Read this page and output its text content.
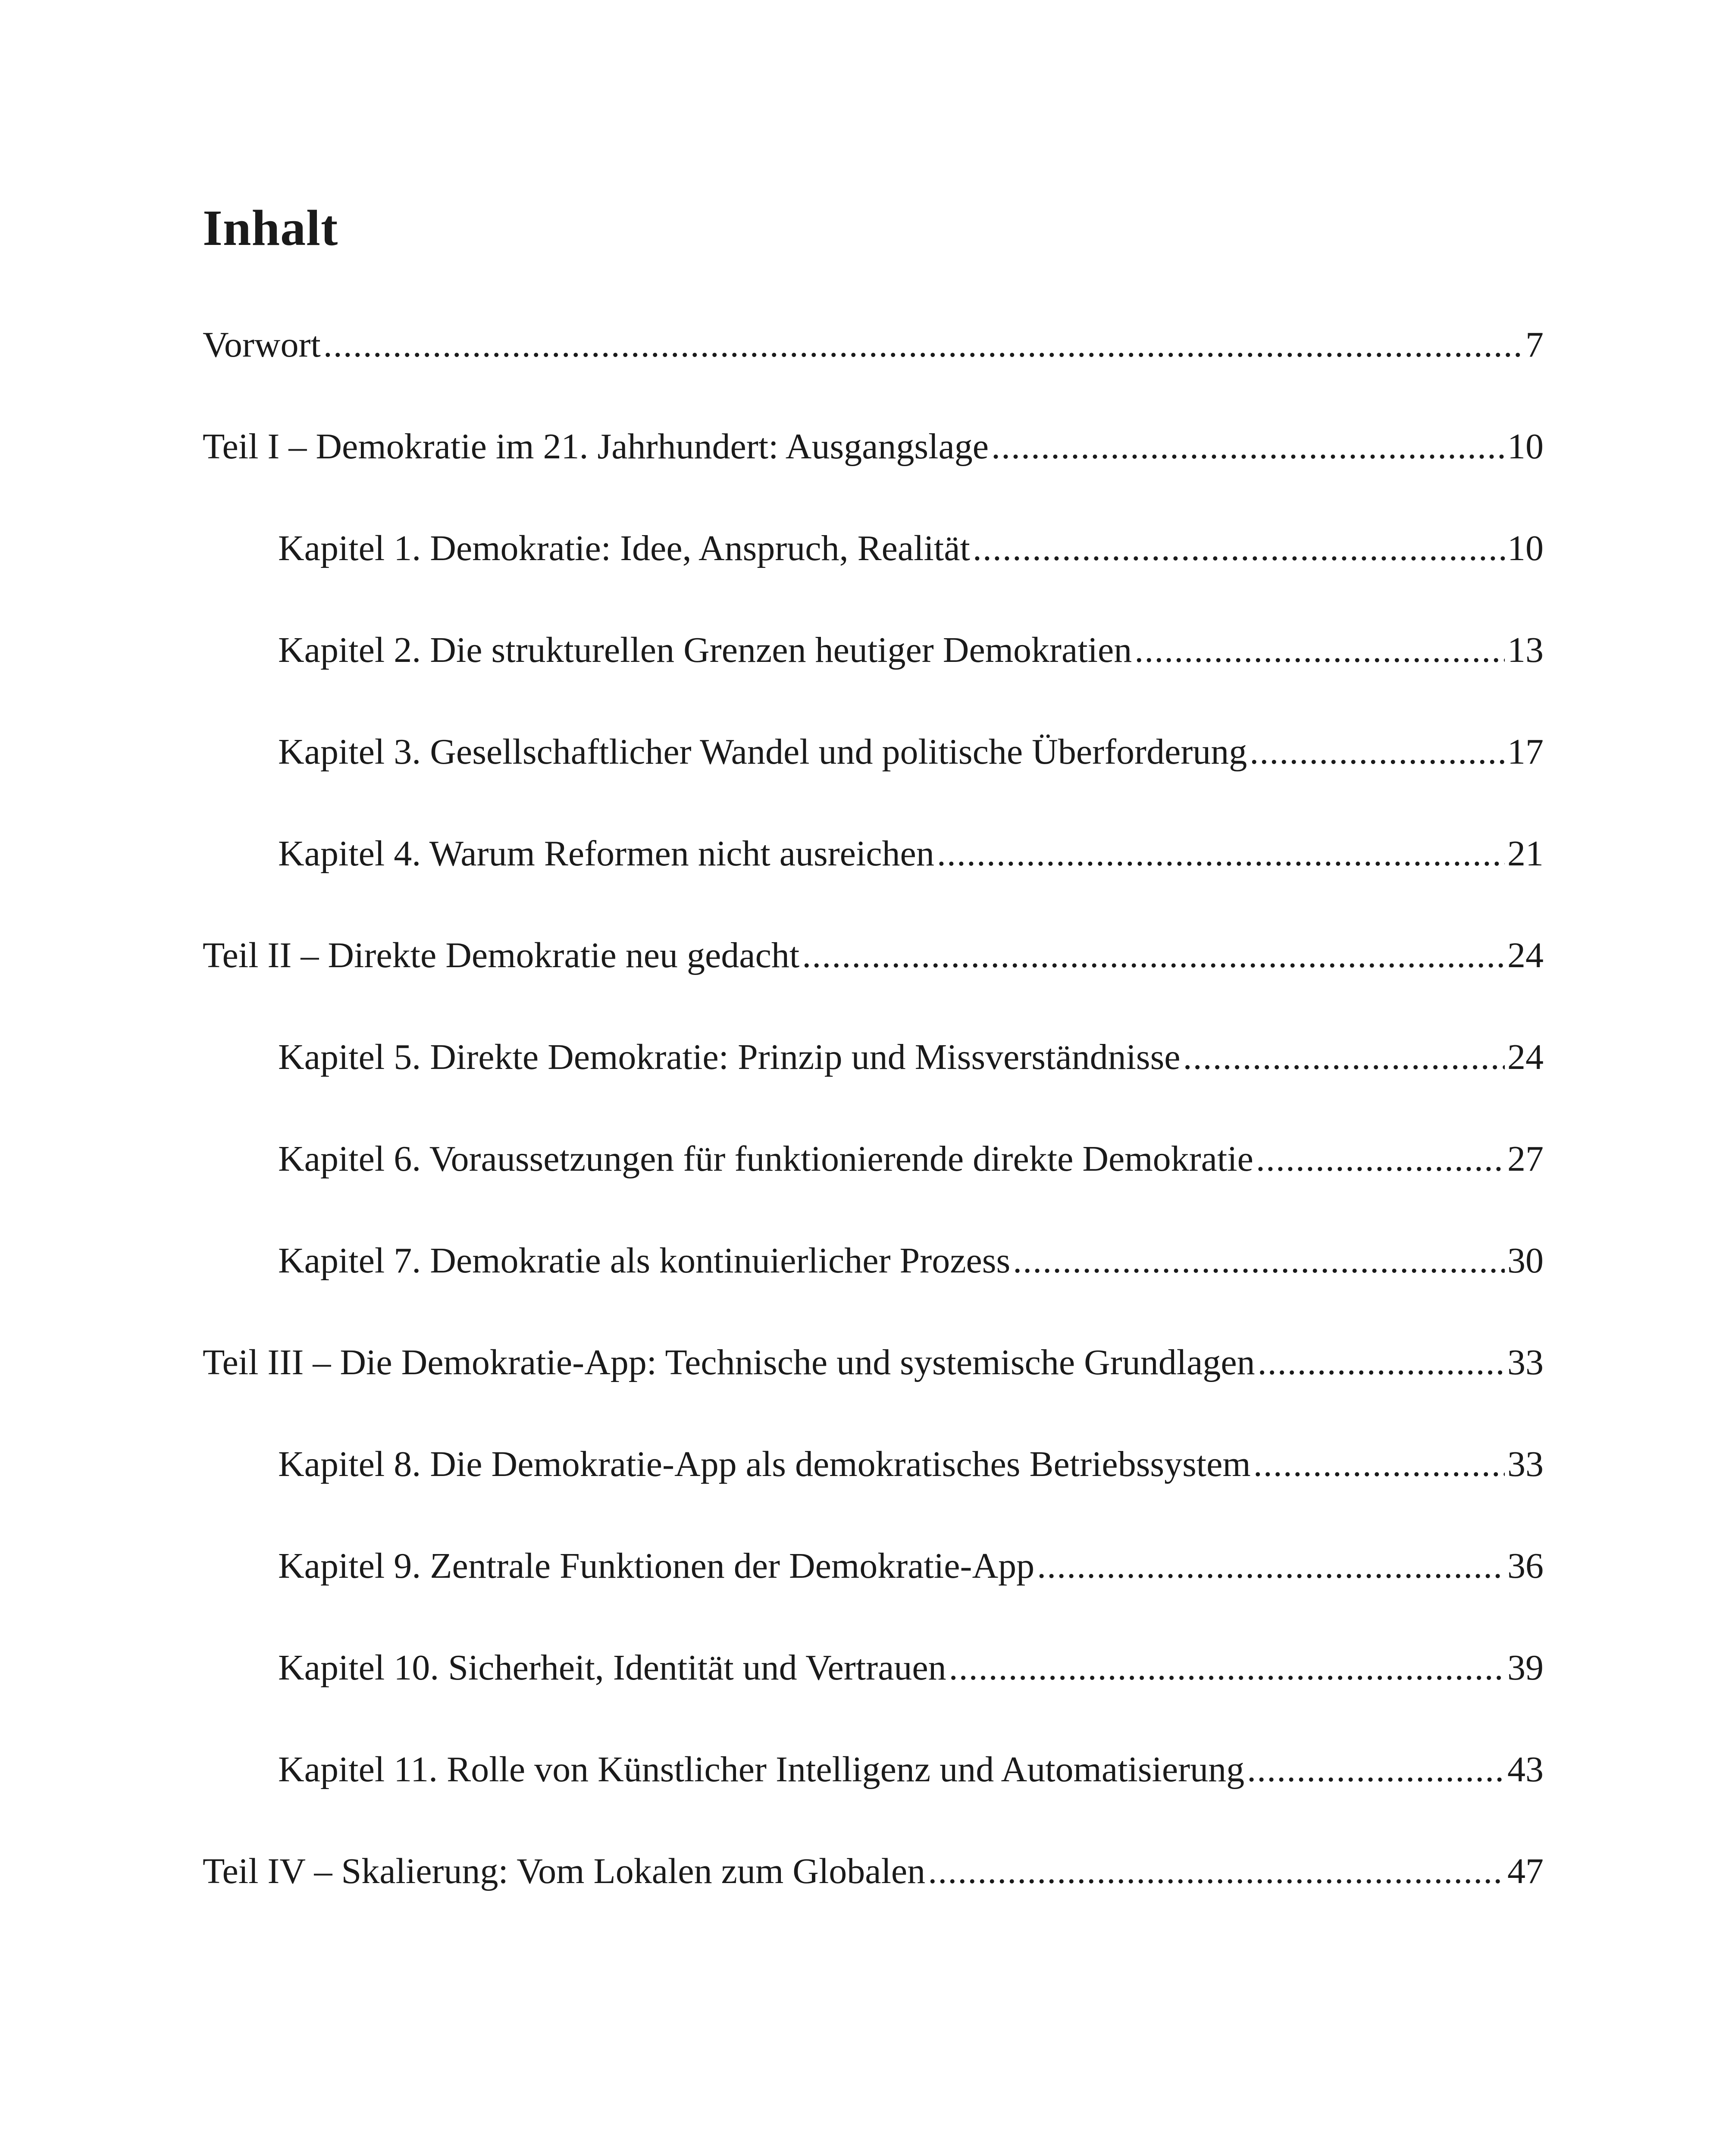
Inhalt
Vorwort .....	7
Teil I – Demokratie im 21. Jahrhundert: Ausgangslage .....	10
Kapitel 1. Demokratie: Idee, Anspruch, Realität .....	10
Kapitel 2. Die strukturellen Grenzen heutiger Demokratien .....	13
Kapitel 3. Gesellschaftlicher Wandel und politische Überforderung .....	17
Kapitel 4. Warum Reformen nicht ausreichen .....	21
Teil II – Direkte Demokratie neu gedacht .....	24
Kapitel 5. Direkte Demokratie: Prinzip und Missverständnisse .....	24
Kapitel 6. Voraussetzungen für funktionierende direkte Demokratie .....	27
Kapitel 7. Demokratie als kontinuierlicher Prozess .....	30
Teil III – Die Demokratie-App: Technische und systemische Grundlagen .....	33
Kapitel 8. Die Demokratie-App als demokratisches Betriebssystem .....	33
Kapitel 9. Zentrale Funktionen der Demokratie-App .....	36
Kapitel 10. Sicherheit, Identität und Vertrauen .....	39
Kapitel 11. Rolle von Künstlicher Intelligenz und Automatisierung .....	43
Teil IV – Skalierung: Vom Lokalen zum Globalen .....	47
